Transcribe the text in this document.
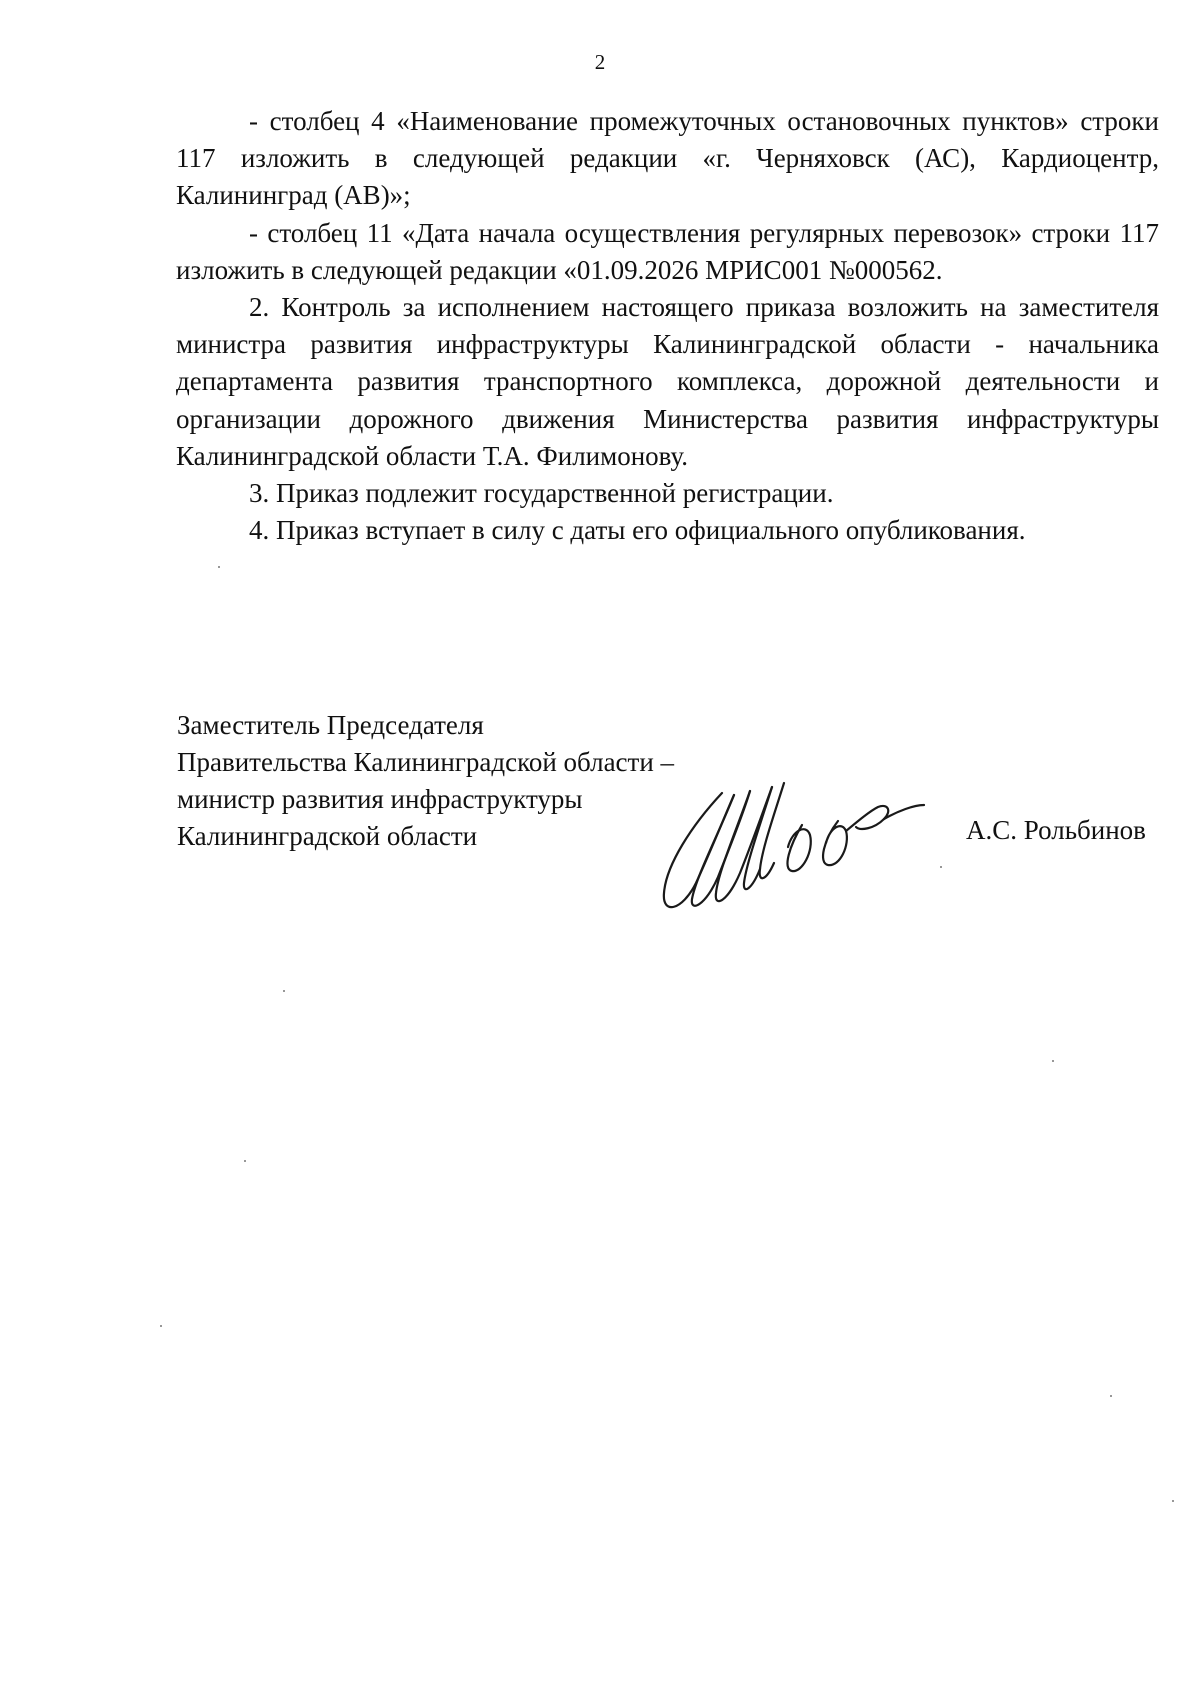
2

- столбец 4 «Наименование промежуточных остановочных пунктов» строки 117 изложить в следующей редакции «г. Черняховск (АС), Кардиоцентр, Калининград (АВ)»;

- столбец 11 «Дата начала осуществления регулярных перевозок» строки 117 изложить в следующей редакции «01.09.2026 МРИС001 №000562.

2. Контроль за исполнением настоящего приказа возложить на заместителя министра развития инфраструктуры Калининградской области - начальника департамента развития транспортного комплекса, дорожной деятельности и организации дорожного движения Министерства развития инфраструктуры Калининградской области Т.А. Филимонову.

3. Приказ подлежит государственной регистрации.

4. Приказ вступает в силу с даты его официального опубликования.

Заместитель Председателя
Правительства Калининградской области –
министр развития инфраструктуры
Калининградской области	А.С. Рольбинов
